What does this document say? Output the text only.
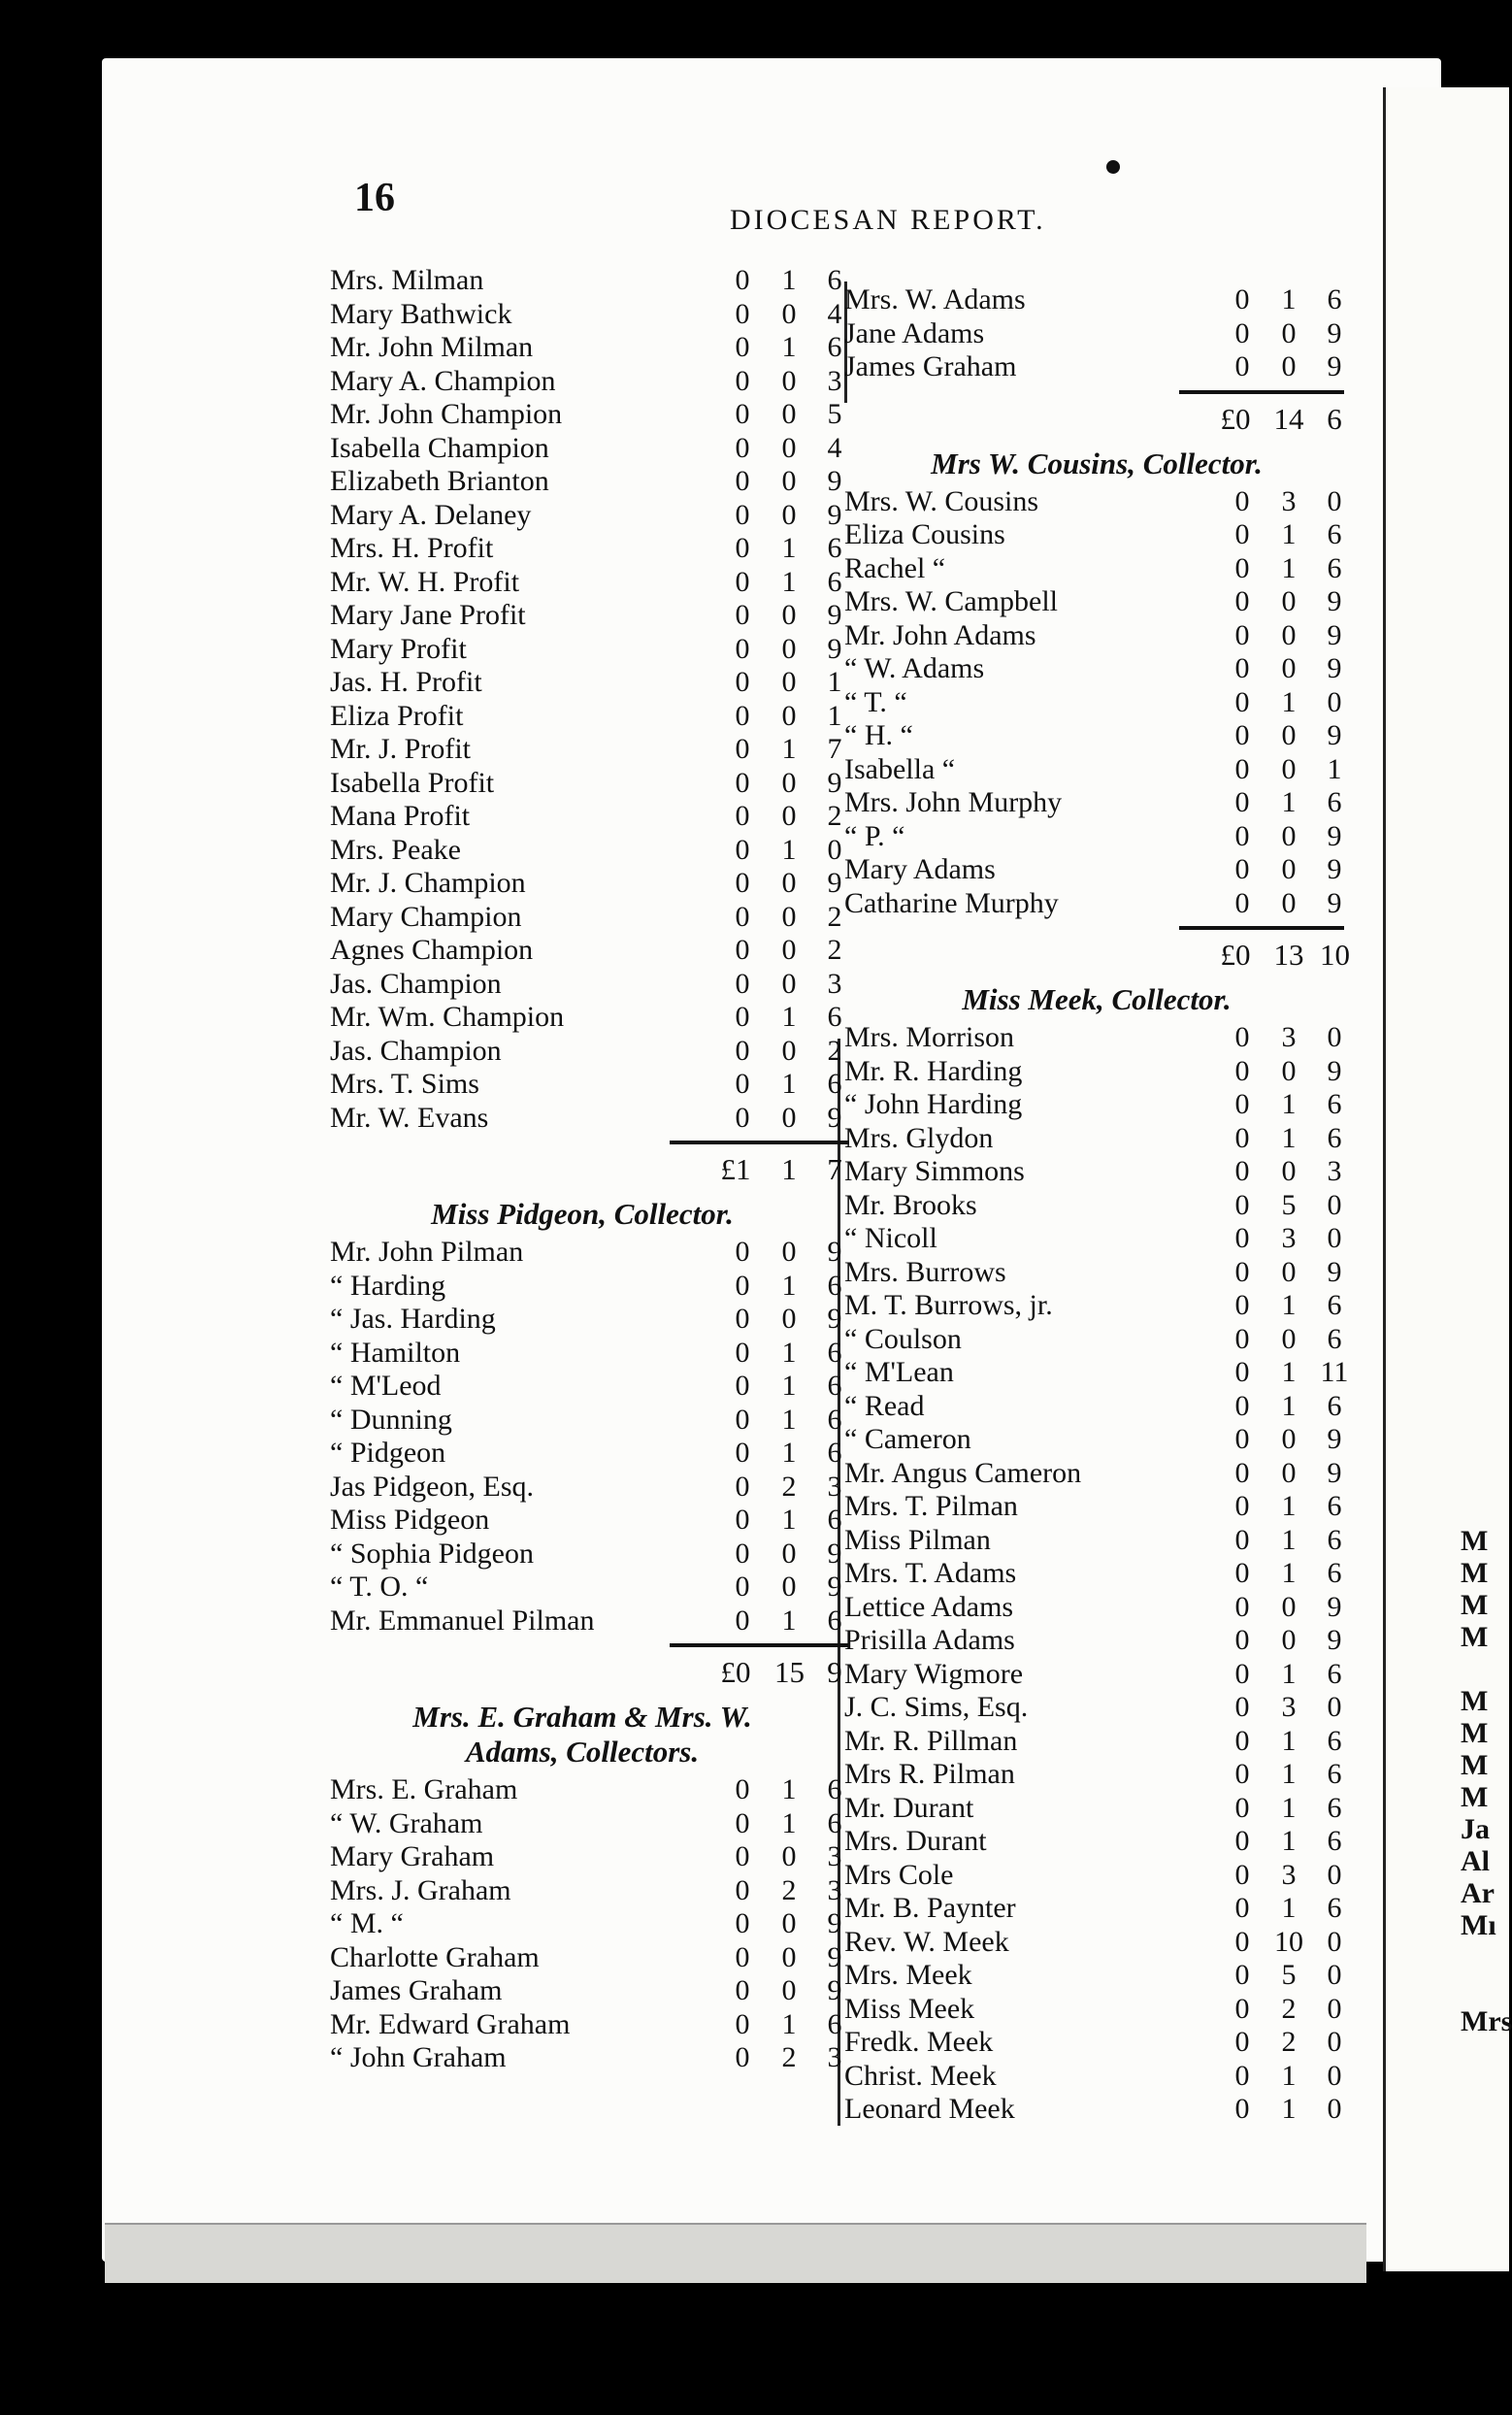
16	DIOCESAN REPORT.
Mrs. Milman	0 1 6
Mary Bathwick	0 0 4
Mr. John Milman	0 1 6
Mary A. Champion	0 0 3
Mr. John Champion	0 0 5
Isabella Champion	0 0 4
Elizabeth Brianton	0 0 9
Mary A. Delaney	0 0 9
Mrs. H. Profit	0 1 6
Mr. W. H. Profit	0 1 6
Mary Jane Profit	0 0 9
Mary Profit	0 0 9
Jas. H. Profit	0 0 1
Eliza Profit	0 0 1
Mr. J. Profit	0 1 7
Isabella Profit	0 0 9
Mana Profit	0 0 2
Mrs. Peake	0 1 0
Mr. J. Champion	0 0 9
Mary Champion	0 0 2
Agnes Champion	0 0 2
Jas. Champion	0 0 3
Mr. Wm. Champion	0 1 6
Jas. Champion	0 0 2
Mrs. T. Sims	0 1 6
Mr. W. Evans	0 0 9
£1	1 7
Miss Pidgeon, Collector.
Mr. John Pilman	0 0 9
“ Harding	0 1 6
“ Jas. Harding	0 0 9
“ Hamilton	0 1 6
“ M'Leod	0 1 6
“ Dunning	0 1 6
“ Pidgeon	0 1 6
Jas Pidgeon, Esq.	0 2 3
Miss Pidgeon	0 1 6
“ Sophia Pidgeon	0 0 9
“ T. O. “	0 0 9
Mr. Emmanuel Pilman	0 1 6
£0 15 9
Mrs. E. Graham & Mrs. W.
Adams, Collectors.
Mrs. E. Graham	0 1 6
“ W. Graham	0 1 6
Mary Graham	0 0 3
Mrs. J. Graham	0 2 3
“ M. “	0 0 9
Charlotte Graham	0 0 9
James Graham	0 0 9
Mr. Edward Graham	0 1 6
“ John Graham	0 2 3
Mrs. W. Adams	0 1 6
Jane Adams	0 0 9
James Graham	0 0 9
£0 14 6
Mrs W. Cousins, Collector.
Mrs. W. Cousins	0 3 0
Eliza Cousins	0 1 6
Rachel “	0 1 6
Mrs. W. Campbell	0 0 9
Mr. John Adams	0 0 9
“ W. Adams	0 0 9
“ T. “	0 1 0
“ H. “	0 0 9
Isabella “	0 0 1
Mrs. John Murphy	0 1 6
“ P. “	0 0 9
Mary Adams	0 0 9
Catharine Murphy	0 0 9
£0 13 10
Miss Meek, Collector.
Mrs. Morrison	0 3 0
Mr. R. Harding	0 0 9
“ John Harding	0 1 6
Mrs. Glydon	0 1 6
Mary Simmons	0 0 3
Mr. Brooks	0 5 0
“ Nicoll	0 3 0
Mrs. Burrows	0 0 9
M. T. Burrows, jr.	0 1 6
“ Coulson	0 0 6
“ M'Lean	0 1 11
“ Read	0 1 6
“ Cameron	0 0 9
Mr. Angus Cameron	0 0 9
Mrs. T. Pilman	0 1 6
Miss Pilman	0 1 6
Mrs. T. Adams	0 1 6
Lettice Adams	0 0 9
Prisilla Adams	0 0 9
Mary Wigmore	0 1 6
J. C. Sims, Esq.	0 3 0
Mr. R. Pillman	0 1 6
Mrs R. Pilman	0 1 6
Mr. Durant	0 1 6
Mrs. Durant	0 1 6
Mrs Cole	0 3 0
Mr. B. Paynter	0 1 6
Rev. W. Meek	0 10 0
Mrs. Meek	0 5 0
Miss Meek	0 2 0
Fredk. Meek	0 2 0
Christ. Meek	0 1 0
Leonard Meek	0 1 0
M
M
M
M
M
M
M
M
Ja
Al
Ar
Mı
Mrs
